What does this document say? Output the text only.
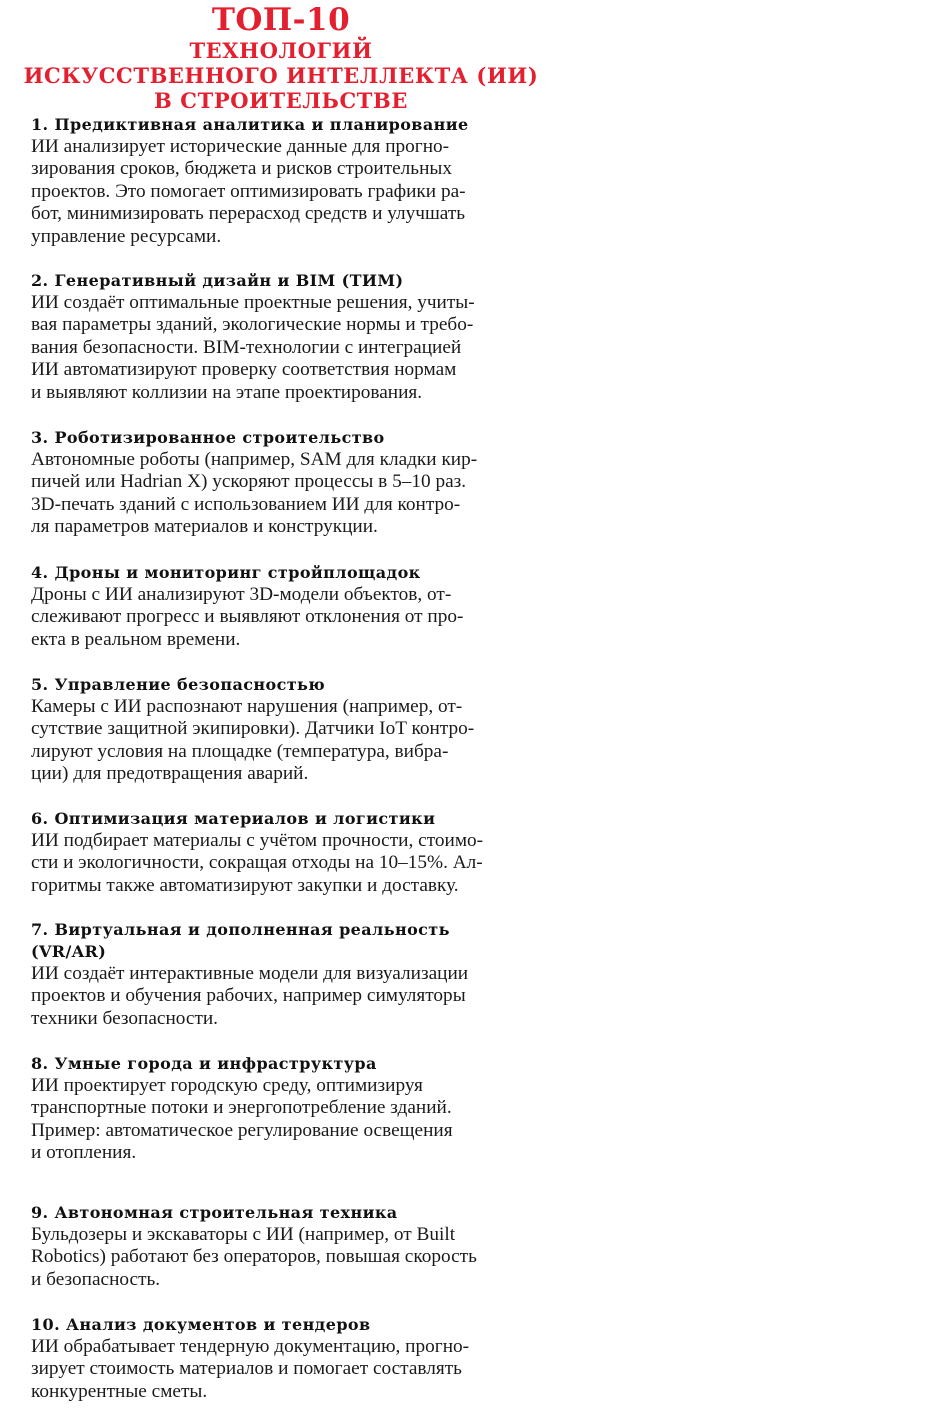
ТОП-10
ТЕХНОЛОГИЙ
ИСКУССТВЕННОГО ИНТЕЛЛЕКТА (ИИ)
В СТРОИТЕЛЬСТВЕ
1. Предиктивная аналитика и планирование
ИИ анализирует исторические данные для прогно-
зирования сроков, бюджета и рисков строительных
проектов. Это помогает оптимизировать графики ра-
бот, минимизировать перерасход средств и улучшать
управление ресурсами.
2. Генеративный дизайн и BIM (ТИМ)
ИИ создаёт оптимальные проектные решения, учиты-
вая параметры зданий, экологические нормы и требо-
вания безопасности. BIM-технологии с интеграцией
ИИ автоматизируют проверку соответствия нормам
и выявляют коллизии на этапе проектирования.
3. Роботизированное строительство
Автономные роботы (например, SAM для кладки кир-
пичей или Hadrian X) ускоряют процессы в 5–10 раз.
3D-печать зданий с использованием ИИ для контро-
ля параметров материалов и конструкции.
4. Дроны и мониторинг стройплощадок
Дроны с ИИ анализируют 3D-модели объектов, от-
слеживают прогресс и выявляют отклонения от про-
екта в реальном времени.
5. Управление безопасностью
Камеры с ИИ распознают нарушения (например, от-
сутствие защитной экипировки). Датчики IoT контро-
лируют условия на площадке (температура, вибра-
ции) для предотвращения аварий.
6. Оптимизация материалов и логистики
ИИ подбирает материалы с учётом прочности, стоимо-
сти и экологичности, сокращая отходы на 10–15%. Ал-
горитмы также автоматизируют закупки и доставку.
7. Виртуальная и дополненная реальность
(VR/AR)
ИИ создаёт интерактивные модели для визуализации
проектов и обучения рабочих, например симуляторы
техники безопасности.
8. Умные города и инфраструктура
ИИ проектирует городскую среду, оптимизируя
транспортные потоки и энергопотребление зданий.
Пример: автоматическое регулирование освещения
и отопления.
9. Автономная строительная техника
Бульдозеры и экскаваторы с ИИ (например, от Built
Robotics) работают без операторов, повышая скорость
и безопасность.
10. Анализ документов и тендеров
ИИ обрабатывает тендерную документацию, прогно-
зирует стоимость материалов и помогает составлять
конкурентные сметы.
